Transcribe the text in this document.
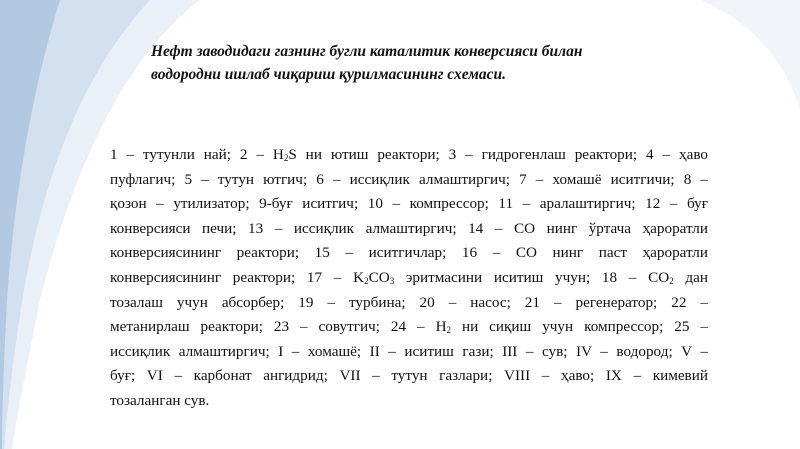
Нефт заводидаги газнинг бугли каталитик конверсияси билан
водородни ишлаб чиқариш қурилмасининг схемаси.
1 – тутунли най; $2 - H_2S$ ни ютиш реактори; 3 – гидрогенлаш реактори; 4 – ҳаво
пуфлагич; 5 – тутун ютгич; 6 – иссиқлик алмаштиргич; 7 – хомашё иситгичи; 8 –
қозон – утилизатор; 9-буғ иситгич; 10 – компрессор; 11 – аралаштиргич; 12 – буғ
конверсияси печи; 13 – иссиқлик алмаштиргич; 14 – СО нинг ўртача ҳароратли
конверсиясининг реактори; 15 – иситгичлар; 16 – СО нинг паст ҳароратли
конверсиясининг реактори; $17 - K_2CO_3$ эритмасини иситиш учун; $18 - CO_2$ дан
тозалаш учун абсорбер; 19 – турбина; 20 – насос; 21 – регенератор; 22 –
метанирлаш реактори; 23 – совутгич; $24 - H_2$ ни сиқиш учун компрессор; 25 –
иссиқлик алмаштиргич; I – хомашё; II – иситиш гази; III – сув; IV – водород; V –
буғ; VI – карбонат ангидрид; VII – тутун газлари; VIII – ҳаво; IX – кимевий
тозаланган сув.
